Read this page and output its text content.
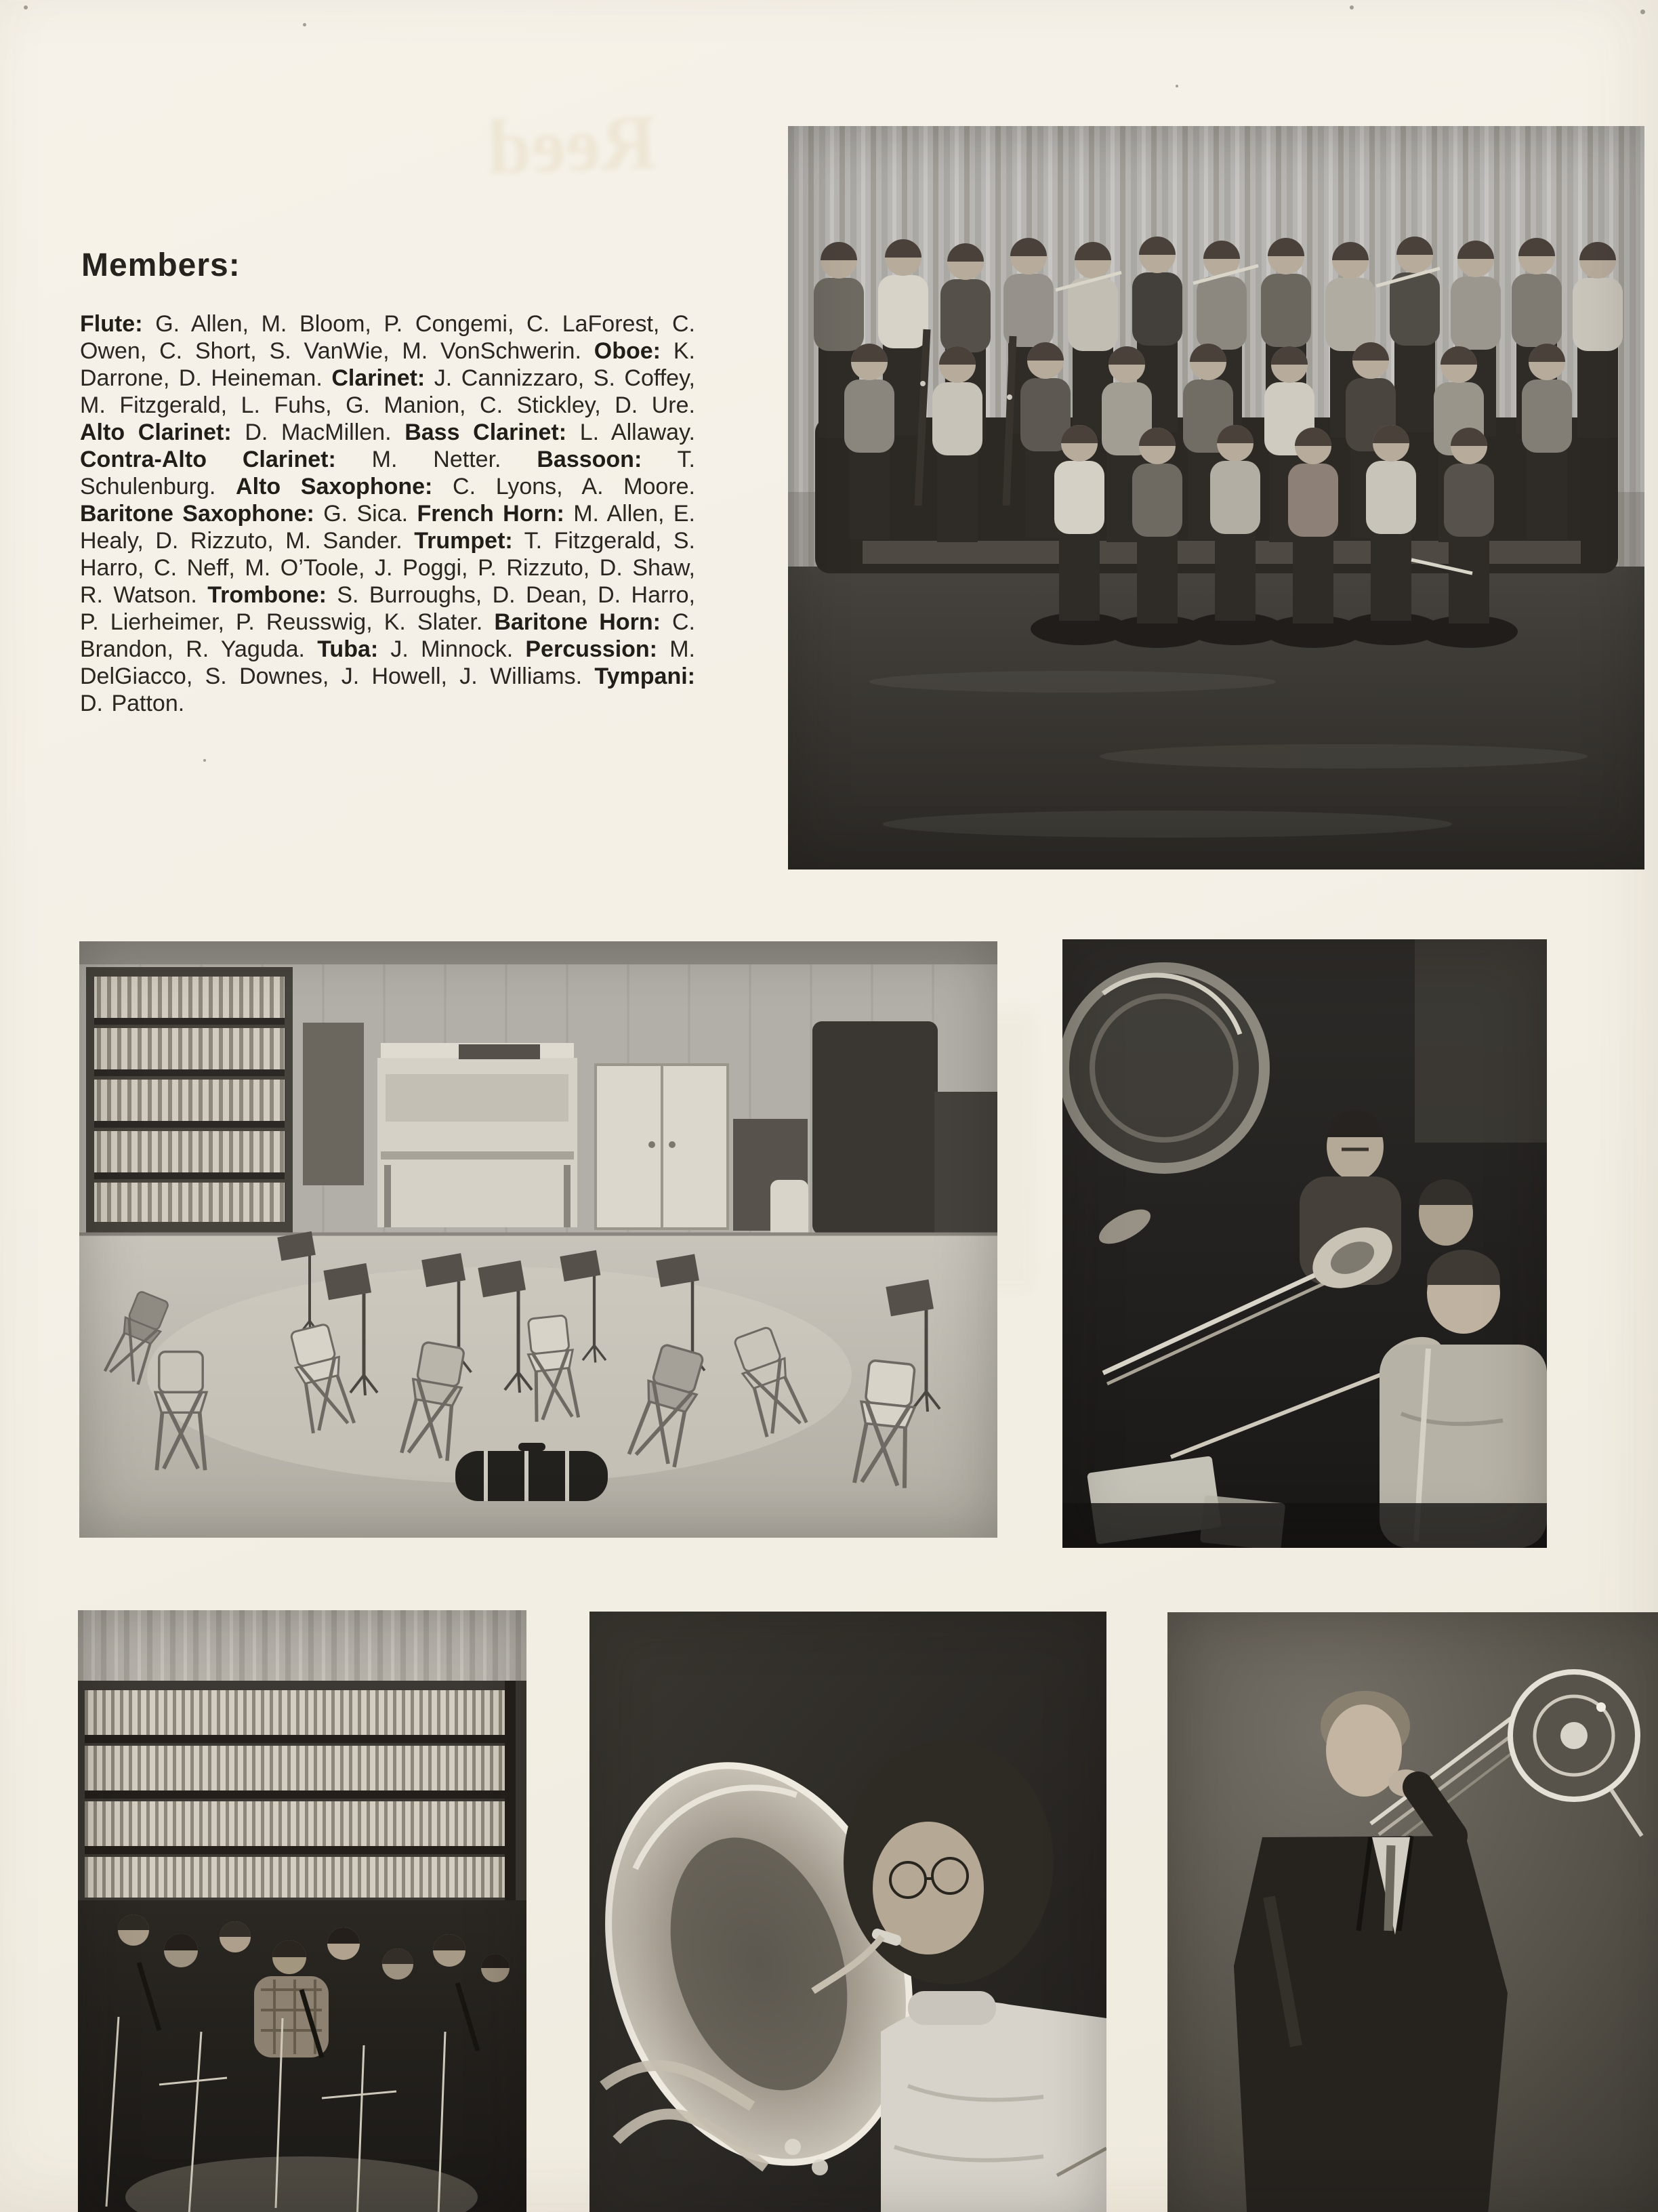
Reed
Members:

Flute: G. Allen, M. Bloom, P. Congemi, C. LaForest, C. Owen, C. Short, S. VanWie, M. VonSchwerin. Oboe: K. Darrone, D. Heineman. Clarinet: J. Cannizzaro, S. Coffey, M. Fitzgerald, L. Fuhs, G. Manion, C. Stickley, D. Ure. Alto Clarinet: D. MacMillen. Bass Clarinet: L. Allaway. Contra-Alto Clarinet: M. Netter. Bassoon: T. Schulenburg. Alto Saxophone: C. Lyons, A. Moore. Baritone Saxophone: G. Sica. French Horn: M. Allen, E. Healy, D. Rizzuto, M. Sander. Trumpet: T. Fitzgerald, S. Harro, C. Neff, M. O’Toole, J. Poggi, P. Rizzuto, D. Shaw, R. Watson. Trombone: S. Burroughs, D. Dean, D. Harro, P. Lierheimer, P. Reusswig, K. Slater. Baritone Horn: C. Brandon, R. Yaguda. Tuba: J. Minnock. Percussion: M. DelGiacco, S. Downes, J. Howell, J. Williams. Tympani: D. Patton.
